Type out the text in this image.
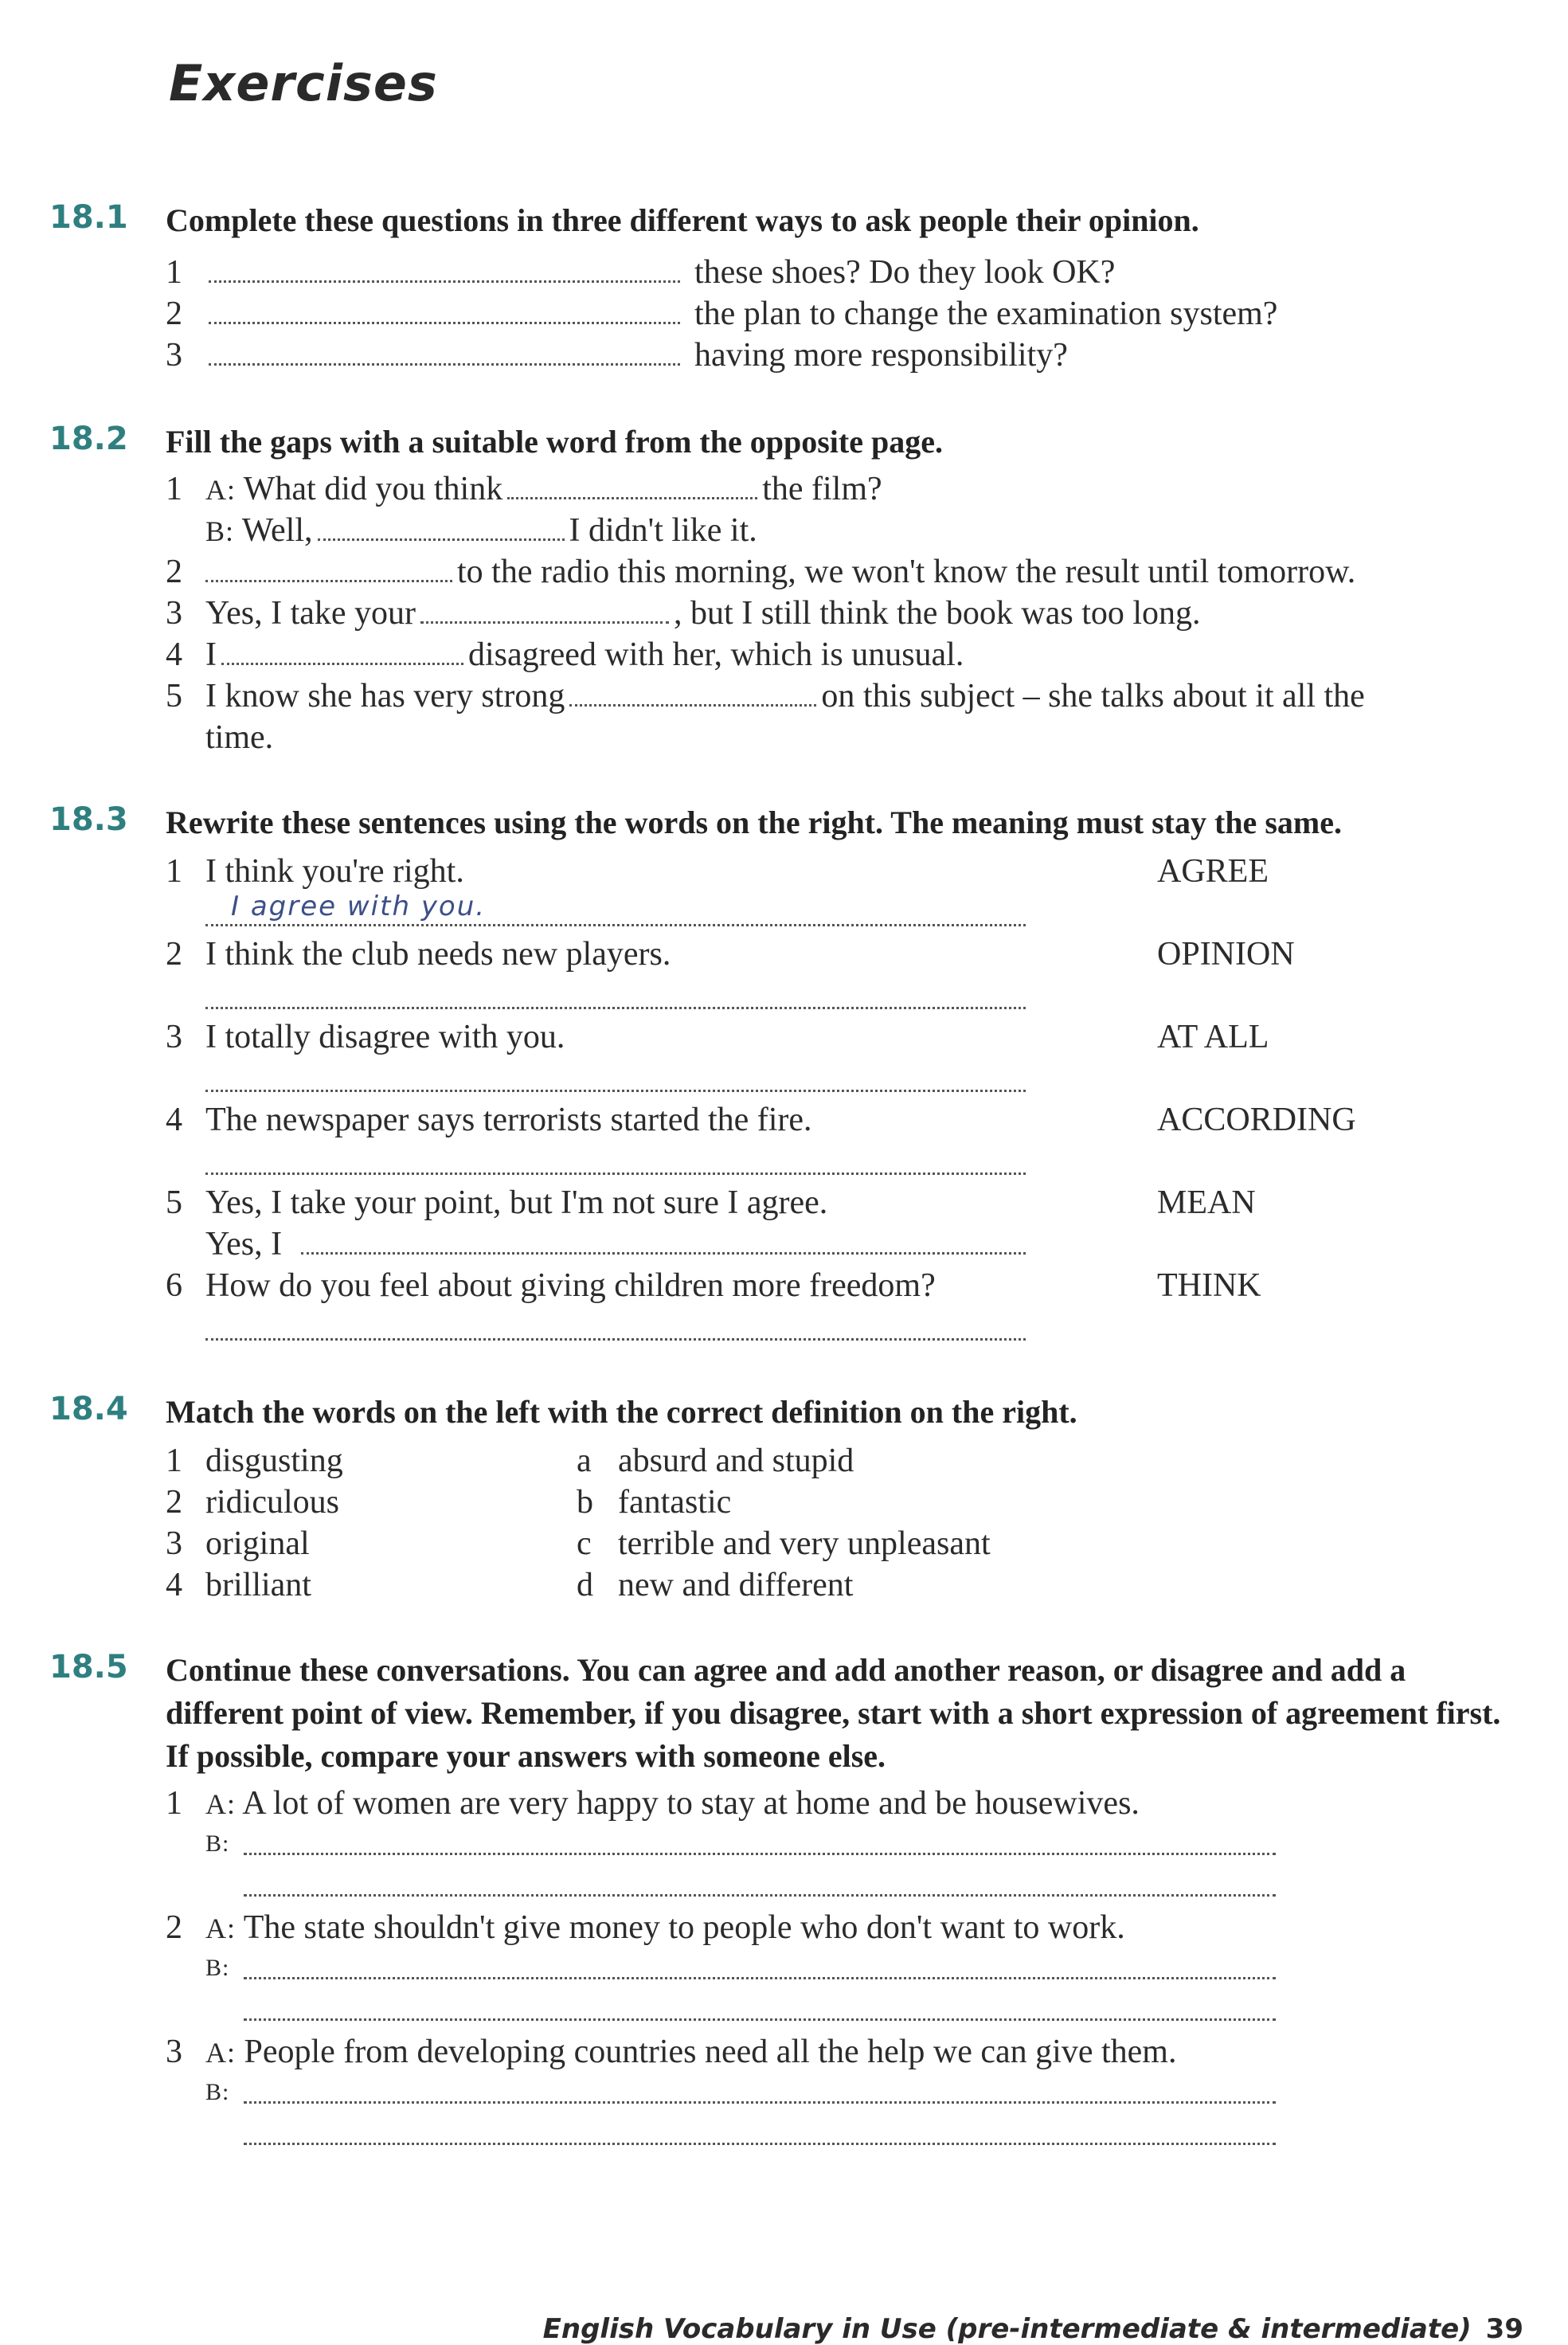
Exercises
18.1 Complete these questions in three different ways to ask people their opinion.
1	these shoes? Do they look OK?
2	the plan to change the examination system?
3	having more responsibility?
18.2 Fill the gaps with a suitable word from the opposite page.
1 A: What did you think	the film?
B: Well,	I didn't like it.
2	to the radio this morning, we won't know the result until tomorrow.
3 Yes, I take your	, but I still think the book was too long.
4 I	disagreed with her, which is unusual.
5 I know she has very strong	on this subject – she talks about it all the
time.
18.3 Rewrite these sentences using the words on the right. The meaning must stay the same.
1 I think you're right.	AGREE
I agree with you.
2 I think the club needs new players.	OPINION
3 I totally disagree with you.	AT ALL
4 The newspaper says terrorists started the fire.	ACCORDING
5 Yes, I take your point, but I'm not sure I agree.	MEAN
Yes, I
6 How do you feel about giving children more freedom?	THINK
18.4 Match the words on the left with the correct definition on the right.
1 disgusting	a absurd and stupid
2 ridiculous	b fantastic
3 original	c terrible and very unpleasant
4 brilliant	d new and different
18.5 Continue these conversations. You can agree and add another reason, or disagree and add a different point of view. Remember, if you disagree, start with a short expression of agreement first. If possible, compare your answers with someone else.
1 A: A lot of women are very happy to stay at home and be housewives.
B:
2 A: The state shouldn't give money to people who don't want to work.
B:
3 A: People from developing countries need all the help we can give them.
B:
English Vocabulary in Use (pre-intermediate & intermediate) 39
